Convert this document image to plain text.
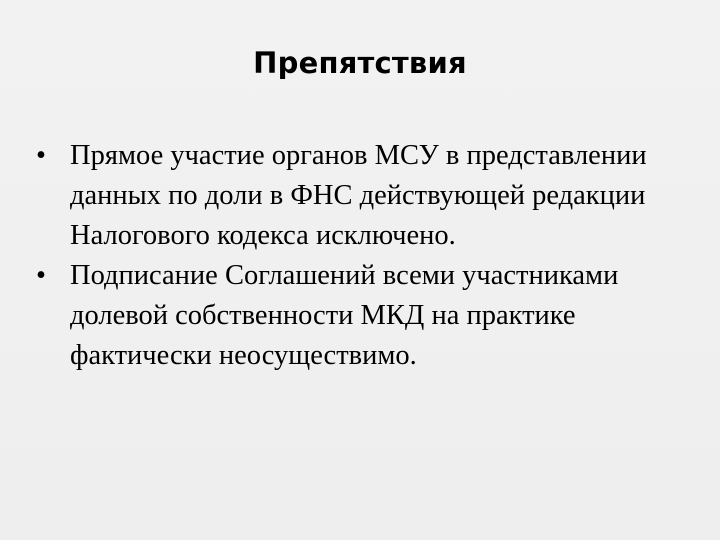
Препятствия
• Прямое участие органов МСУ в представлении данных по доли в ФНС действующей редакции Налогового кодекса исключено.
• Подписание Соглашений всеми участниками долевой собственности МКД на практике фактически неосуществимо.
